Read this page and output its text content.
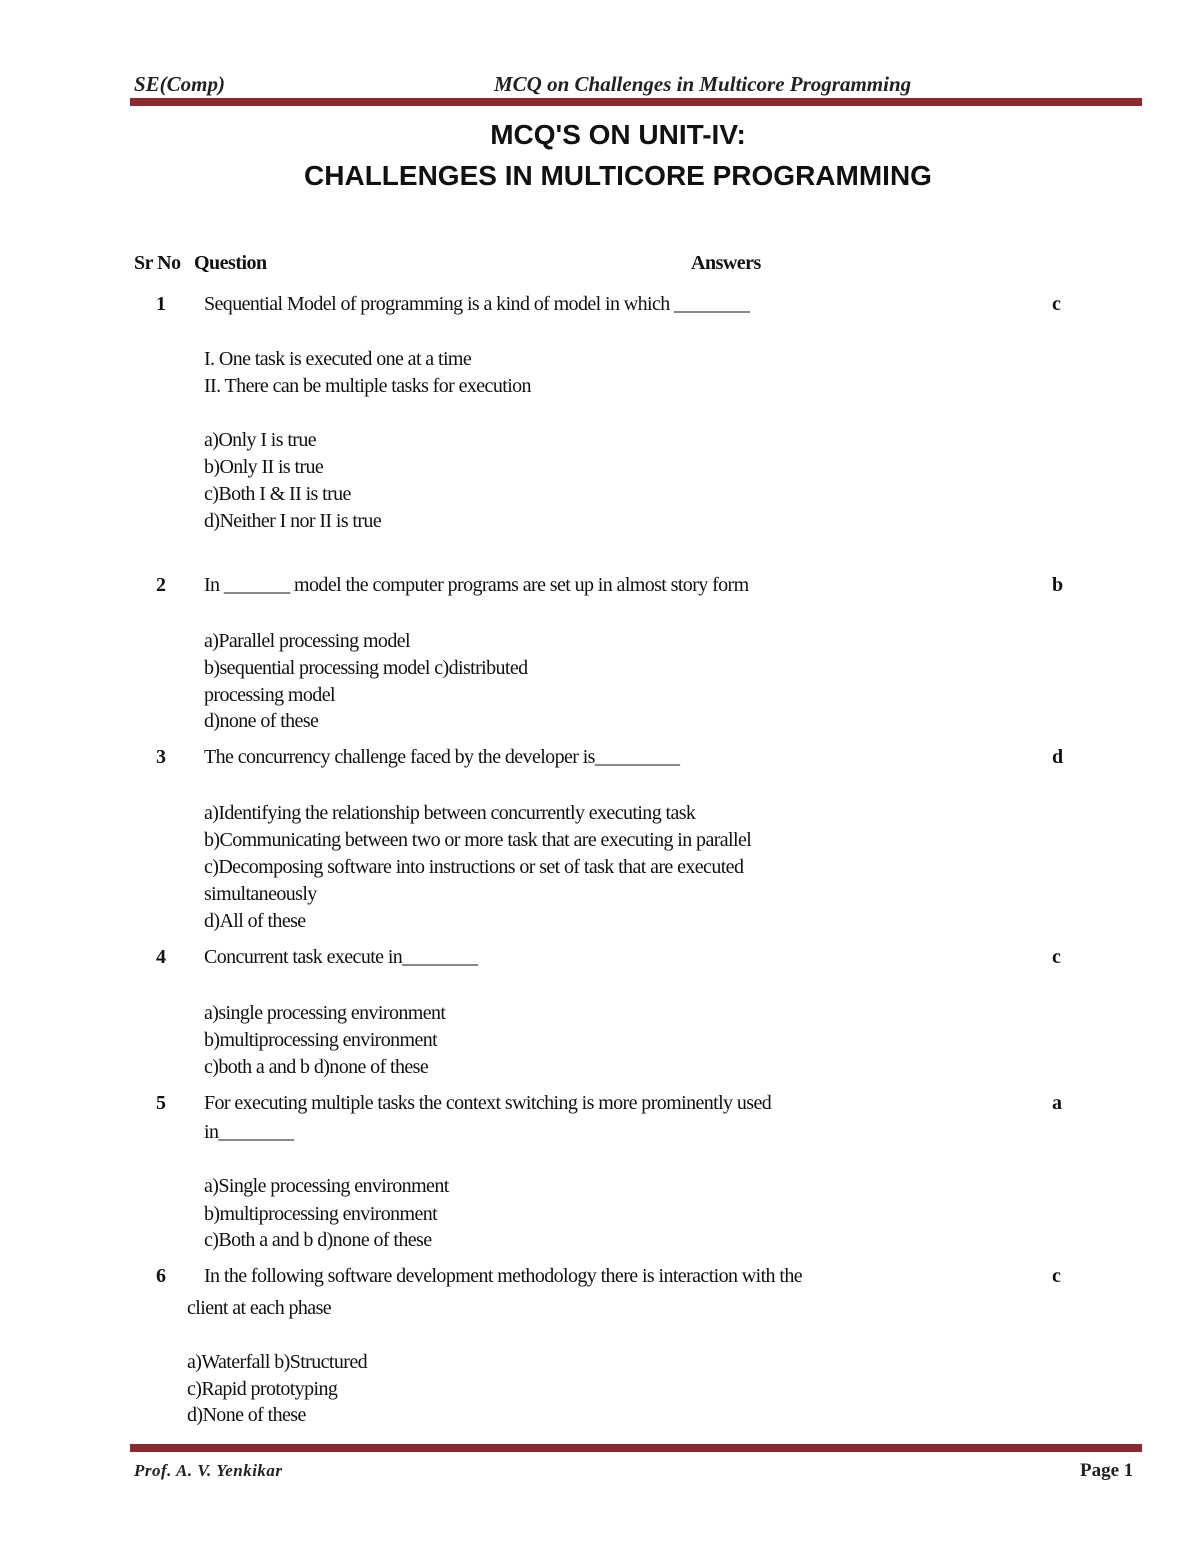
SE(Comp)	MCQ on Challenges in Multicore Programming
MCQ'S ON UNIT-IV:
CHALLENGES IN MULTICORE PROGRAMMING
Sr No Question	Answers
1 Sequential Model of programming is a kind of model in which ________	c
I. One task is executed one at a time
II. There can be multiple tasks for execution
a)Only I is true
b)Only II is true
c)Both I & II is true
d)Neither I nor II is true
2 In _______ model the computer programs are set up in almost story form	b
a)Parallel processing model
b)sequential processing model c)distributed
processing model
d)none of these
3 The concurrency challenge faced by the developer is_________	d
a)Identifying the relationship between concurrently executing task
b)Communicating between two or more task that are executing in parallel
c)Decomposing software into instructions or set of task that are executed
simultaneously
d)All of these
4 Concurrent task execute in________	c
a)single processing environment
b)multiprocessing environment
c)both a and b d)none of these
5 For executing multiple tasks the context switching is more prominently used	a
in________
a)Single processing environment
b)multiprocessing environment
c)Both a and b d)none of these
6 In the following software development methodology there is interaction with the	c
client at each phase
a)Waterfall b)Structured
c)Rapid prototyping
d)None of these
Prof. A. V. Yenkikar	Page 1
